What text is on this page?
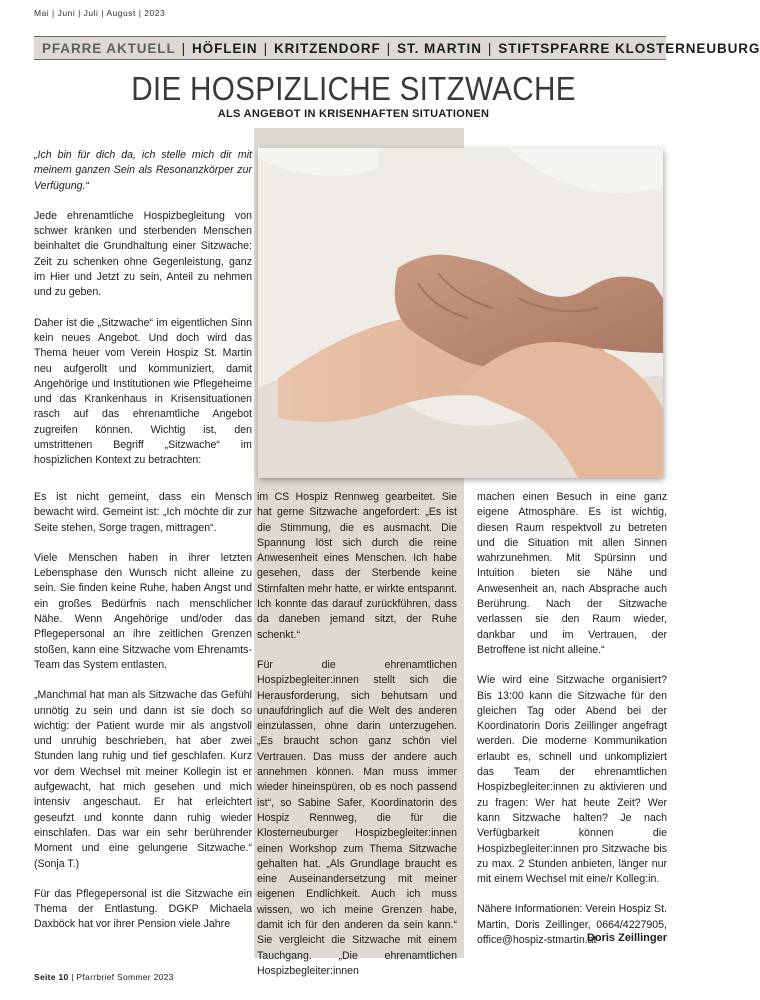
Mai | Juni | Juli | August | 2023
PFARRE AKTUELL | HÖFLEIN | KRITZENDORF | ST. MARTIN | STIFTSPFARRE KLOSTERNEUBURG
DIE HOSPIZLICHE SITZWACHE
ALS ANGEBOT IN KRISENHAFTEN SITUATIONEN

„Ich bin für dich da, ich stelle mich dir mit meinem ganzen Sein als Resonanzkörper zur Verfügung.“

Jede ehrenamtliche Hospizbegleitung von schwer kranken und sterbenden Menschen beinhaltet die Grundhaltung einer Sitzwache: Zeit zu schenken ohne Gegenleistung, ganz im Hier und Jetzt zu sein, Anteil zu nehmen und zu geben.

Daher ist die „Sitzwache“ im eigentlichen Sinn kein neues Angebot. Und doch wird das Thema heuer vom Verein Hospiz St. Martin neu aufgerollt und kommuniziert, damit Angehörige und Institutionen wie Pflegeheime und das Krankenhaus in Krisensituationen rasch auf das ehrenamtliche Angebot zugreifen können. Wichtig ist, den umstrittenen Begriff „Sitzwache“ im hospizlichen Kontext zu betrachten:

Es ist nicht gemeint, dass ein Mensch bewacht wird. Gemeint ist: „Ich möchte dir zur Seite stehen, Sorge tragen, mittragen“.

Viele Menschen haben in ihrer letzten Lebensphase den Wunsch nicht alleine zu sein. Sie finden keine Ruhe, haben Angst und ein großes Bedürfnis nach menschlicher Nähe. Wenn Angehörige und/oder das Pflegepersonal an ihre zeitlichen Grenzen stoßen, kann eine Sitzwache vom Ehrenamts-Team das System entlasten.

„Manchmal hat man als Sitzwache das Gefühl unnötig zu sein und dann ist sie doch so wichtig: der Patient wurde mir als angstvoll und unruhig beschrieben, hat aber zwei Stunden lang ruhig und tief geschlafen. Kurz vor dem Wechsel mit meiner Kollegin ist er aufgewacht, hat mich gesehen und mich intensiv angeschaut. Er hat erleichtert geseufzt und konnte dann ruhig wieder einschlafen. Das war ein sehr berührender Moment und eine gelungene Sitzwache.“ (Sonja T.)

Für das Pflegepersonal ist die Sitzwache ein Thema der Entlastung. DGKP Michaela Daxböck hat vor ihrer Pension viele Jahre

im CS Hospiz Rennweg gearbeitet. Sie hat gerne Sitzwache angefordert: „Es ist die Stimmung, die es ausmacht. Die Spannung löst sich durch die reine Anwesenheit eines Menschen. Ich habe gesehen, dass der Sterbende keine Stirnfalten mehr hatte, er wirkte entspannt. Ich konnte das darauf zurückführen, dass da daneben jemand sitzt, der Ruhe schenkt.“

Für die ehrenamtlichen Hospizbegleiter:innen stellt sich die Herausforderung, sich behutsam und unaufdringlich auf die Welt des anderen einzulassen, ohne darin unterzugehen. „Es braucht schon ganz schön viel Vertrauen. Das muss der andere auch annehmen können. Man muss immer wieder hineinspüren, ob es noch passend ist“, so Sabine Safer, Koordinatorin des Hospiz Rennweg, die für die Klosterneuburger Hospizbegleiter:innen einen Workshop zum Thema Sitzwache gehalten hat. „Als Grundlage braucht es eine Auseinandersetzung mit meiner eigenen Endlichkeit. Auch ich muss wissen, wo ich meine Grenzen habe, damit ich für den anderen da sein kann.“ Sie vergleicht die Sitzwache mit einem Tauchgang. „Die ehrenamtlichen Hospizbegleiter:innen

machen einen Besuch in eine ganz eigene Atmosphäre. Es ist wichtig, diesen Raum respektvoll zu betreten und die Situation mit allen Sinnen wahrzunehmen. Mit Spürsinn und Intuition bieten sie Nähe und Anwesenheit an, nach Absprache auch Berührung. Nach der Sitzwache verlassen sie den Raum wieder, dankbar und im Vertrauen, der Betroffene ist nicht alleine.“

Wie wird eine Sitzwache organisiert? Bis 13:00 kann die Sitzwache für den gleichen Tag oder Abend bei der Koordinatorin Doris Zeillinger angefragt werden. Die moderne Kommunikation erlaubt es, schnell und unkompliziert das Team der ehrenamtlichen Hospizbegleiter:innen zu aktivieren und zu fragen: Wer hat heute Zeit? Wer kann Sitzwache halten? Je nach Verfügbarkeit können die Hospizbegleiter:innen pro Sitzwache bis zu max. 2 Stunden anbieten, länger nur mit einem Wechsel mit eine/r Kolleg:in.

Nähere Informationen: Verein Hospiz St. Martin, Doris Zeillinger, 0664/4227905, office@hospiz-stmartin.at

Doris Zeillinger
Seite 10 | Pfarrbrief Sommer 2023
